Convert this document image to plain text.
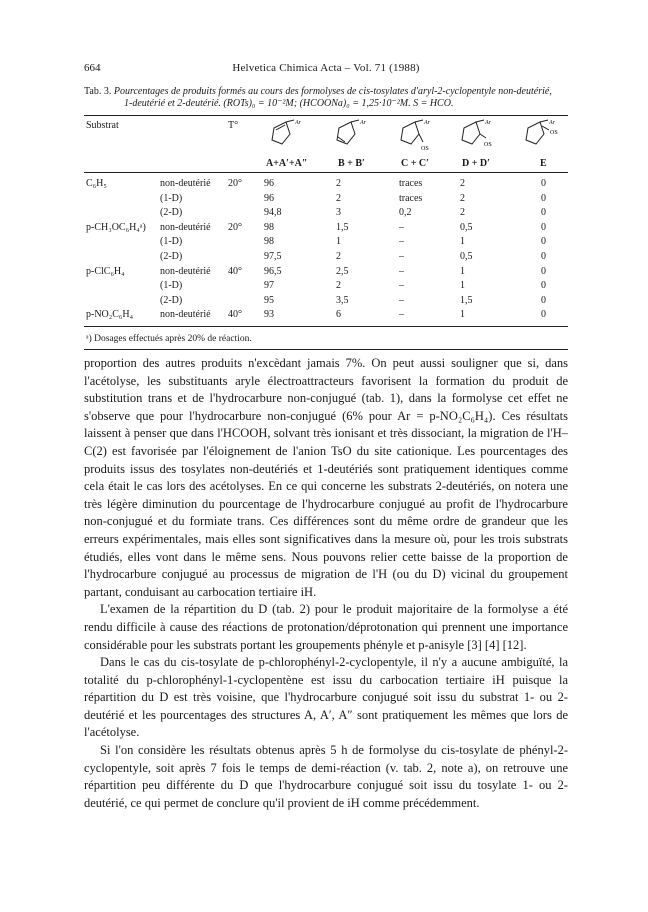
664	Helvetica Chimica Acta – Vol. 71 (1988)
Tab. 3. Pourcentages de produits formés au cours des formolyses de cis-tosylates d'aryl-2-cyclopentyle non-deutérié,
1-deutérié et 2-deutérié. (ROTs)₀ = 10⁻²M; (HCOONa)₀ = 1,25·10⁻²M. S = HCO.
Substrat	T°	Ar	Ar	Ar
OS
Ar
OS
Ar
OS
A+A′+A″	B + B′	C + C′	D + D′	E
C₆H₅	non-deutérié 20° 96	2	traces	2	0
(1-D)	96	2	traces	2	0
(2-D)	94,8	3	0,2	2	0
p-CH₃OC₆H₄ᵃ) non-deutérié 20° 98	1,5	–	0,5	0
(1-D)	98	1	–	1	0
(2-D)	97,5	2	–	0,5	0
p-ClC₆H₄	non-deutérié 40° 96,5	2,5	–	1	0
(1-D)	97	2	–	1	0
(2-D)	95	3,5	–	1,5	0
p-NO₂C₆H₄	non-deutérié 40° 93	6	–	1	0
ᵃ) Dosages effectués après 20% de réaction.

proportion des autres produits n'excèdant jamais 7%. On peut aussi souligner que si, dans l'acétolyse, les substituants aryle électroattracteurs favorisent la formation du produit de substitution trans et de l'hydrocarbure non-conjugué (tab. 1), dans la formolyse cet effet ne s'observe que pour l'hydrocarbure non-conjugué (6% pour Ar = p-NO₂C₆H₄). Ces résultats laissent à penser que dans l'HCOOH, solvant très ionisant et très dissociant, la migration de l'H–C(2) est favorisée par l'éloignement de l'anion TsO du site cationique. Les pourcentages des produits issus des tosylates non-deutériés et 1-deutériés sont pratiquement identiques comme cela était le cas lors des acétolyses. En ce qui concerne les substrats 2-deutériés, on notera une très légère diminution du pourcentage de l'hydrocarbure conjugué au profit de l'hydrocarbure non-conjugué et du formiate trans. Ces différences sont du même ordre de grandeur que les erreurs expérimentales, mais elles sont significatives dans la mesure où, pour les trois substrats étudiés, elles vont dans le même sens. Nous pouvons relier cette baisse de la proportion de l'hydrocarbure conjugué au processus de migration de l'H (ou du D) vicinal du groupement partant, conduisant au carbocation tertiaire iH.

L'examen de la répartition du D (tab. 2) pour le produit majoritaire de la formolyse a été rendu difficile à cause des réactions de protonation/déprotonation qui prennent une importance considérable pour les substrats portant les groupements phényle et p-anisyle [3] [4] [12].

Dans le cas du cis-tosylate de p-chlorophényl-2-cyclopentyle, il n'y a aucune ambiguïté, la totalité du p-chlorophényl-1-cyclopentène est issu du carbocation tertiaire iH puisque la répartition du D est très voisine, que l'hydrocarbure conjugué soit issu du substrat 1- ou 2-deutérié et les pourcentages des structures A, A′, A″ sont pratiquement les mêmes que lors de l'acétolyse.

Si l'on considère les résultats obtenus après 5 h de formolyse du cis-tosylate de phényl-2-cyclopentyle, soit après 7 fois le temps de demi-réaction (v. tab. 2, note a), on retrouve une répartition peu différente du D que l'hydrocarbure conjugué soit issu du tosylate 1- ou 2-deutérié, ce qui permet de conclure qu'il provient de iH comme précédemment.
